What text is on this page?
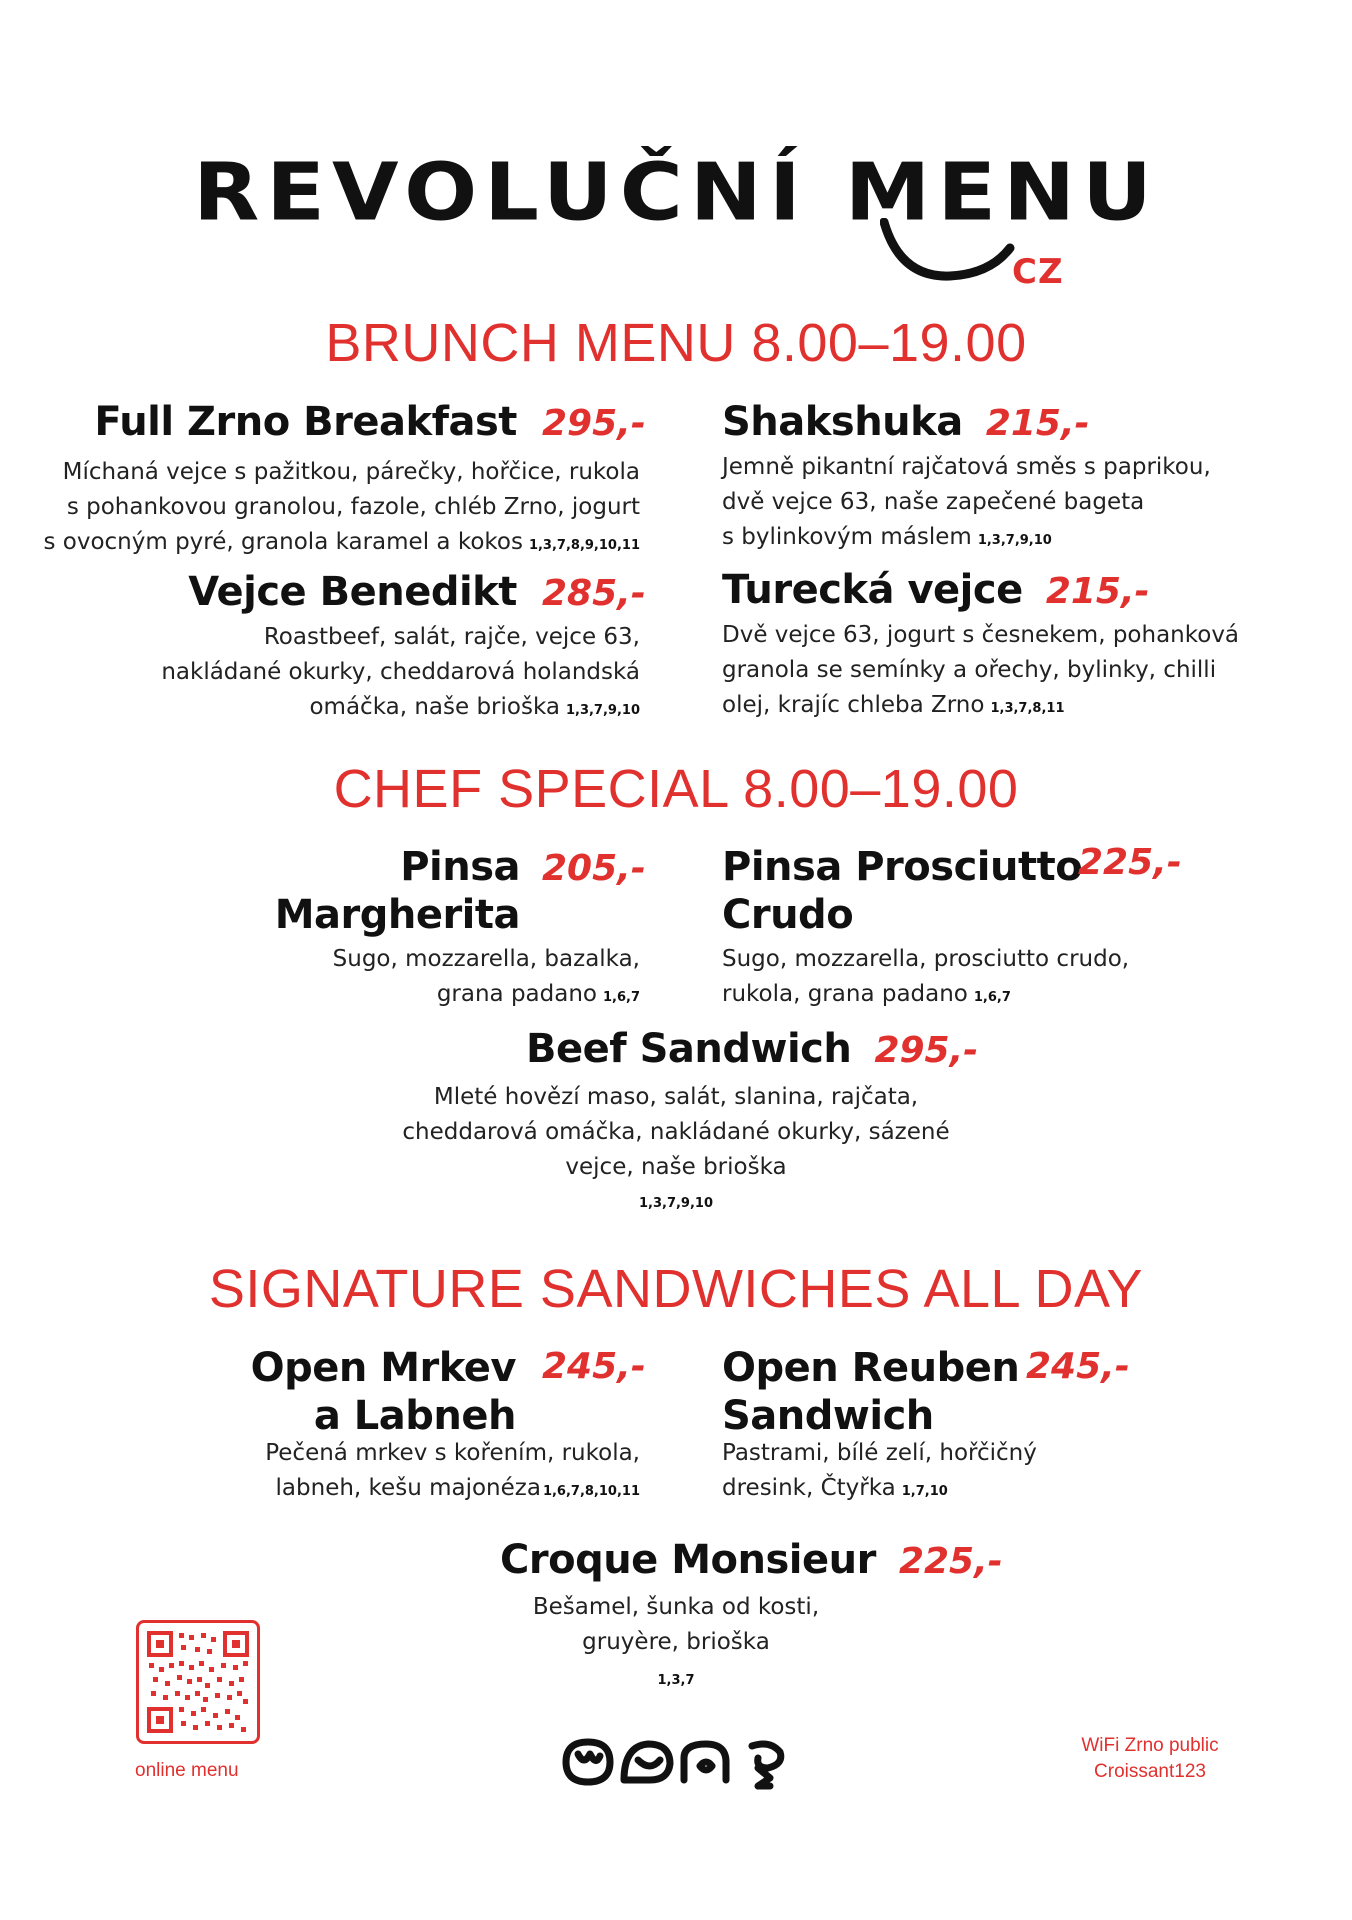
REVOLUČNÍ MENU
CZ
BRUNCH MENU 8.00–19.00
Full Zrno Breakfast 295,-
Míchaná vejce s pažitkou, párečky, hořčice, rukola
s pohankovou granolou, fazole, chléb Zrno, jogurt
s ovocným pyré, granola karamel a kokos 1,3,7,8,9,10,11
Shakshuka 215,-
Jemně pikantní rajčatová směs s paprikou,
dvě vejce 63, naše zapečené bageta
s bylinkovým máslem 1,3,7,9,10
Vejce Benedikt 285,-
Roastbeef, salát, rajče, vejce 63,
nakládané okurky, cheddarová holandská
omáčka, naše brioška 1,3,7,9,10
Turecká vejce 215,-
Dvě vejce 63, jogurt s česnekem, pohanková
granola se semínky a ořechy, bylinky, chilli
olej, krajíc chleba Zrno 1,3,7,8,11
CHEF SPECIAL 8.00–19.00
Pinsa
Margherita
205,-
Sugo, mozzarella, bazalka,
grana padano 1,6,7
Pinsa Prosciutto
Crudo
225,-
Sugo, mozzarella, prosciutto crudo,
rukola, grana padano 1,6,7
Beef Sandwich 295,-
Mleté hovězí maso, salát, slanina, rajčata,
cheddarová omáčka, nakládané okurky, sázené
vejce, naše brioška
1,3,7,9,10
SIGNATURE SANDWICHES ALL DAY
Open Mrkev
a Labneh
245,-
Pečená mrkev s kořením, rukola,
labneh, kešu majonéza 1,6,7,8,10,11
Open Reuben
Sandwich
245,-
Pastrami, bílé zelí, hořčičný
dresink, Čtyřka 1,7,10
Croque Monsieur 225,-
Bešamel, šunka od kosti,
gruyère, brioška
1,3,7
online menu
WiFi Zrno public
Croissant123
